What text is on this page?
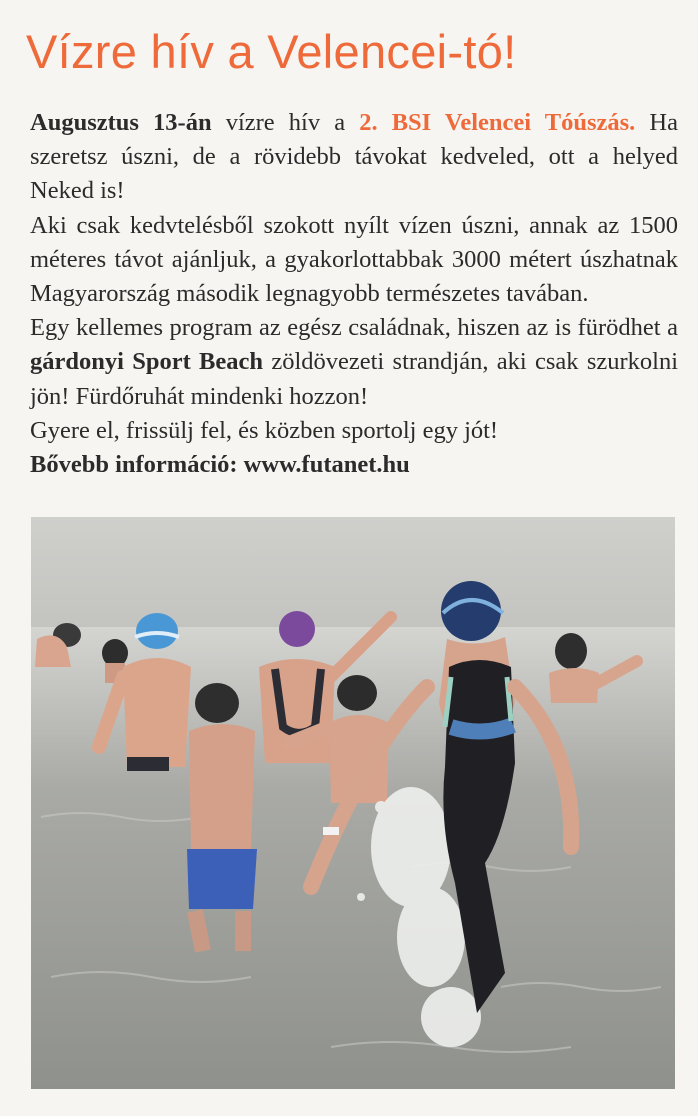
Vízre hív a Velencei-tó!

Augusztus 13-án vízre hív a 2. BSI Velencei Tóúszás. Ha szeretsz úszni, de a rövidebb távokat kedveled, ott a helyed Neked is!

Aki csak kedvtelésből szokott nyílt vízen úszni, annak az 1500 méteres távot ajánljuk, a gyakorlottabbak 3000 métert úszhatnak Magyarország második legnagyobb természetes tavában.

Egy kellemes program az egész családnak, hiszen az is fürödhet a gárdonyi Sport Beach zöldövezeti strandján, aki csak szurkolni jön! Fürdőruhát mindenki hozzon!

Gyere el, frissülj fel, és közben sportolj egy jót!

Bővebb információ: www.futanet.hu
